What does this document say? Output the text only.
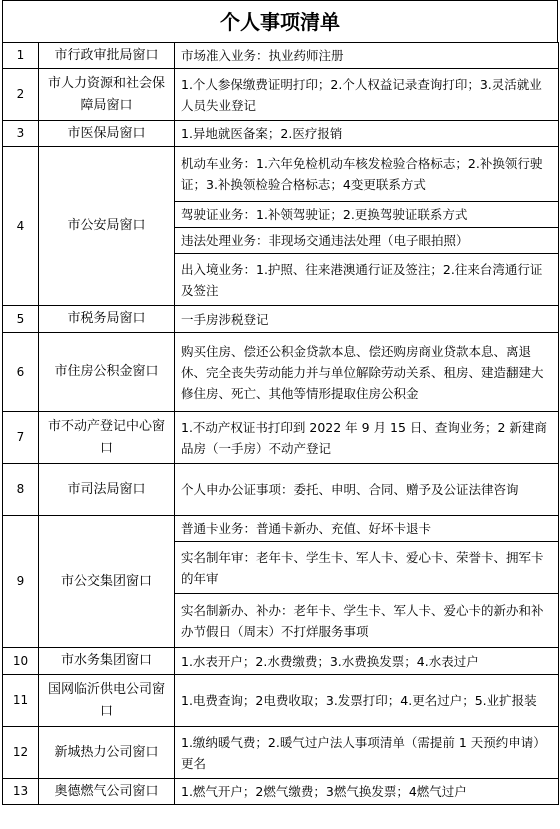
个人事项清单
1	市行政审批局窗口	市场准入业务：执业药师注册
2	市人力资源和社会保障局窗口	1.个人参保缴费证明打印；2.个人权益记录查询打印；3.灵活就业人员失业登记
3	市医保局窗口	1.异地就医备案；2.医疗报销
4	市公安局窗口	机动车业务：1.六年免检机动车核发检验合格标志；2.补换领行驶证；3.补换领检验合格标志；4变更联系方式
		驾驶证业务：1.补领驾驶证；2.更换驾驶证联系方式
		违法处理业务：非现场交通违法处理（电子眼拍照）
		出入境业务：1.护照、往来港澳通行证及签注；2.往来台湾通行证及签注
5	市税务局窗口	一手房涉税登记
6	市住房公积金窗口	购买住房、偿还公积金贷款本息、偿还购房商业贷款本息、离退休、完全丧失劳动能力并与单位解除劳动关系、租房、建造翻建大修住房、死亡、其他等情形提取住房公积金
7	市不动产登记中心窗口	1.不动产权证书打印到 2022 年 9 月 15 日、查询业务；2 新建商品房（一手房）不动产登记
8	市司法局窗口	个人申办公证事项：委托、申明、合同、赠予及公证法律咨询
9	市公交集团窗口	普通卡业务：普通卡新办、充值、好坏卡退卡
		实名制年审：老年卡、学生卡、军人卡、爱心卡、荣誉卡、拥军卡的年审
		实名制新办、补办：老年卡、学生卡、军人卡、爱心卡的新办和补办节假日（周末）不打烊服务事项
10	市水务集团窗口	1.水表开户；2.水费缴费；3.水费换发票；4.水表过户
11	国网临沂供电公司窗口	1.电费查询；2电费收取；3.发票打印；4.更名过户；5.业扩报装
12	新城热力公司窗口	1.缴纳暖气费；2.暖气过户法人事项清单（需提前 1 天预约申请）更名
13	奥德燃气公司窗口	1.燃气开户；2燃气缴费；3燃气换发票；4燃气过户
